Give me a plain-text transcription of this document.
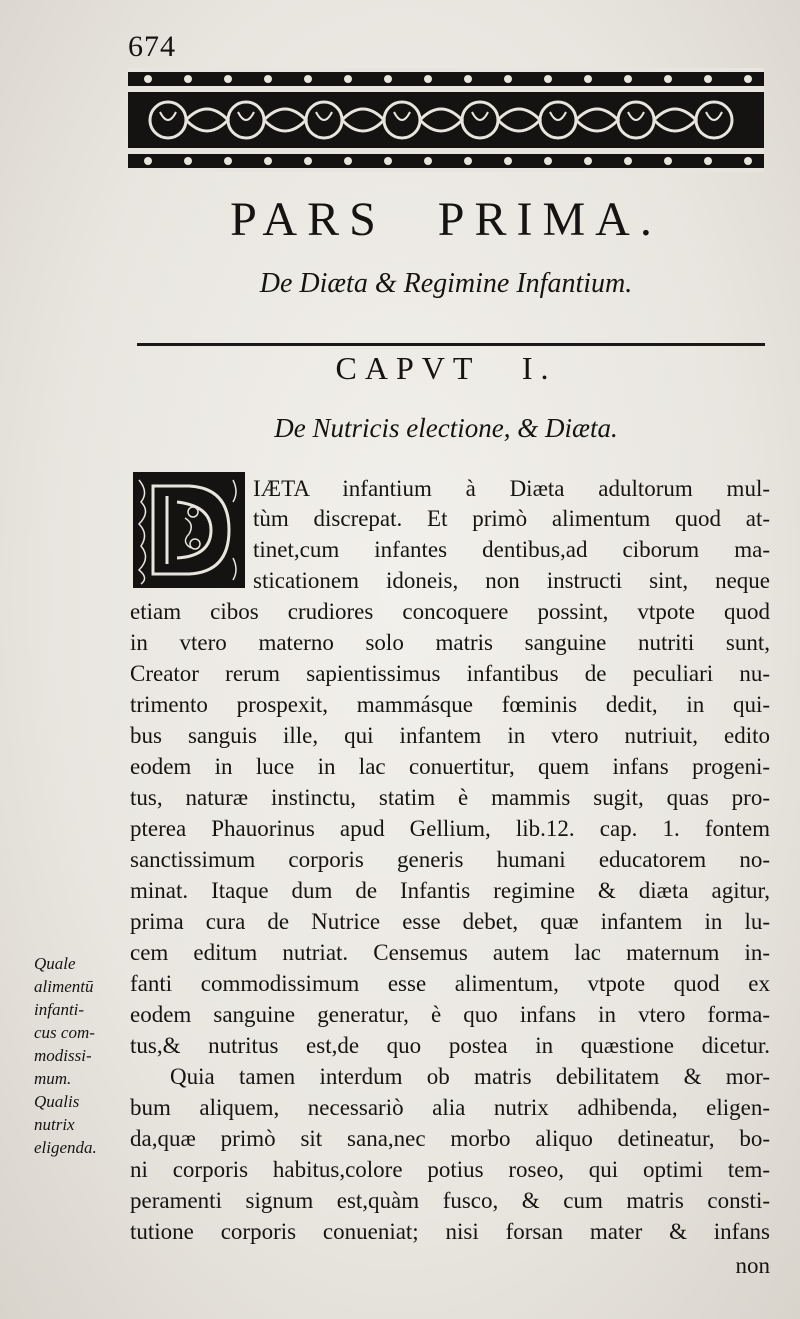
674
PARS PRIMA.
De Diæta & Regimine Infantium.
CAPVT I.
De Nutricis electione, & Diæta.
IÆTA infantium à Diæta adultorum mul-
tùm discrepat. Et primò alimentum quod at-
tinet,cum infantes dentibus,ad ciborum ma-
sticationem idoneis, non instructi sint, neque
etiam cibos crudiores concoquere possint, vtpote quod
in vtero materno solo matris sanguine nutriti sunt,
Creator rerum sapientissimus infantibus de peculiari nu-
trimento prospexit, mammásque fœminis dedit, in qui-
bus sanguis ille, qui infantem in vtero nutriuit, edito
eodem in luce in lac conuertitur, quem infans progeni-
tus, naturæ instinctu, statim è mammis sugit, quas pro-
pterea Phauorinus apud Gellium, lib.12. cap. 1. fontem
sanctissimum corporis generis humani educatorem no-
minat. Itaque dum de Infantis regimine & diæta agitur,
prima cura de Nutrice esse debet, quæ infantem in lu-
cem editum nutriat. Censemus autem lac maternum in-
fanti commodissimum esse alimentum, vtpote quod ex
eodem sanguine generatur, è quo infans in vtero forma-
tus,& nutritus est,de quo postea in quæstione dicetur.
Quia tamen interdum ob matris debilitatem & mor-
bum aliquem, necessariò alia nutrix adhibenda, eligen-
da,quæ primò sit sana,nec morbo aliquo detineatur, bo-
ni corporis habitus,colore potius roseo, qui optimi tem-
peramenti signum est,quàm fusco, & cum matris consti-
tutione corporis conueniat; nisi forsan mater & infans
non
Quale
alimentū
infanti-
cus com-
modissi-
mum.
Qualis
nutrix
eligenda.
